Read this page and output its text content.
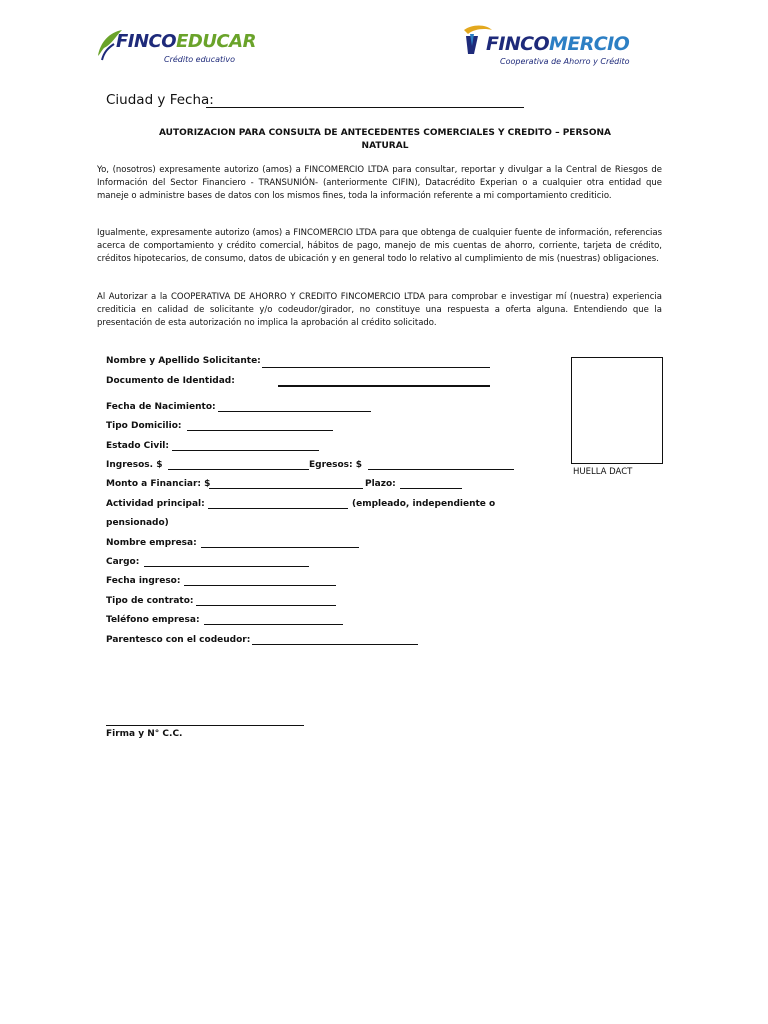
FINCOEDUCAR
Crédito educativo
FINCOMERCIO
Cooperativa de Ahorro y Crédito
Ciudad y Fecha:
AUTORIZACION PARA CONSULTA DE ANTECEDENTES COMERCIALES Y CREDITO – PERSONA
NATURAL
Yo, (nosotros) expresamente autorizo (amos) a FINCOMERCIO LTDA para consultar, reportar y divulgar a la Central de Riesgos de Información del Sector Financiero - TRANSUNIÓN- (anteriormente CIFIN), Datacrédito Experian o a cualquier otra entidad que maneje o administre bases de datos con los mismos fines, toda la información referente a mi comportamiento crediticio.
Igualmente, expresamente autorizo (amos) a FINCOMERCIO LTDA para que obtenga de cualquier fuente de información, referencias acerca de comportamiento y crédito comercial, hábitos de pago, manejo de mis cuentas de ahorro, corriente, tarjeta de crédito, créditos hipotecarios, de consumo, datos de ubicación y en general todo lo relativo al cumplimiento de mis (nuestras) obligaciones.
Al Autorizar a la COOPERATIVA DE AHORRO Y CREDITO FINCOMERCIO LTDA para comprobar e investigar mí (nuestra) experiencia crediticia en calidad de solicitante y/o codeudor/girador, no constituye una respuesta a oferta alguna. Entendiendo que la presentación de esta autorización no implica la aprobación al crédito solicitado.
Nombre y Apellido Solicitante:
Documento de Identidad:
Fecha de Nacimiento:
Tipo Domicilio:
Estado Civil:
Ingresos. $	Egresos: $
Monto a Financiar: $	Plazo:
Actividad principal:	(empleado, independiente o
pensionado)
Nombre empresa:
Cargo:
Fecha ingreso:
Tipo de contrato:
Teléfono empresa:
Parentesco con el codeudor:
HUELLA DACT
Firma y N° C.C.
